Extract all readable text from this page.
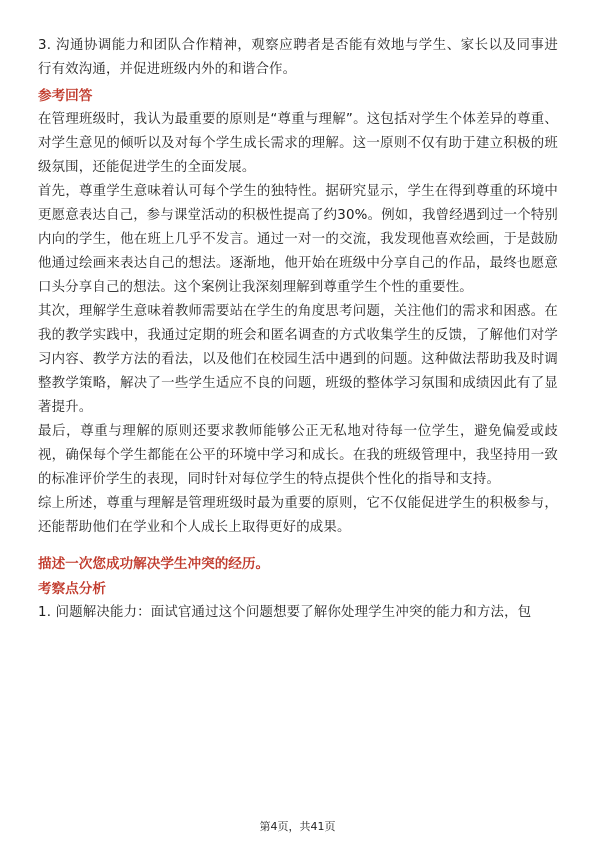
3. 沟通协调能力和团队合作精神，观察应聘者是否能有效地与学生、家长以及同事进行有效沟通，并促进班级内外的和谐合作。

参考回答

在管理班级时，我认为最重要的原则是“尊重与理解”。这包括对学生个体差异的尊重、对学生意见的倾听以及对每个学生成长需求的理解。这一原则不仅有助于建立积极的班级氛围，还能促进学生的全面发展。

首先，尊重学生意味着认可每个学生的独特性。据研究显示，学生在得到尊重的环境中更愿意表达自己，参与课堂活动的积极性提高了约30%。例如，我曾经遇到过一个特别内向的学生，他在班上几乎不发言。通过一对一的交流，我发现他喜欢绘画，于是鼓励他通过绘画来表达自己的想法。逐渐地，他开始在班级中分享自己的作品，最终也愿意口头分享自己的想法。这个案例让我深刻理解到尊重学生个性的重要性。

其次，理解学生意味着教师需要站在学生的角度思考问题，关注他们的需求和困惑。在我的教学实践中，我通过定期的班会和匿名调查的方式收集学生的反馈，了解他们对学习内容、教学方法的看法，以及他们在校园生活中遇到的问题。这种做法帮助我及时调整教学策略，解决了一些学生适应不良的问题，班级的整体学习氛围和成绩因此有了显著提升。

最后，尊重与理解的原则还要求教师能够公正无私地对待每一位学生，避免偏爱或歧视，确保每个学生都能在公平的环境中学习和成长。在我的班级管理中，我坚持用一致的标准评价学生的表现，同时针对每位学生的特点提供个性化的指导和支持。

综上所述，尊重与理解是管理班级时最为重要的原则，它不仅能促进学生的积极参与，还能帮助他们在学业和个人成长上取得更好的成果。

描述一次您成功解决学生冲突的经历。
考察点分析

1. 问题解决能力：面试官通过这个问题想要了解你处理学生冲突的能力和方法，包

第4页，共41页
